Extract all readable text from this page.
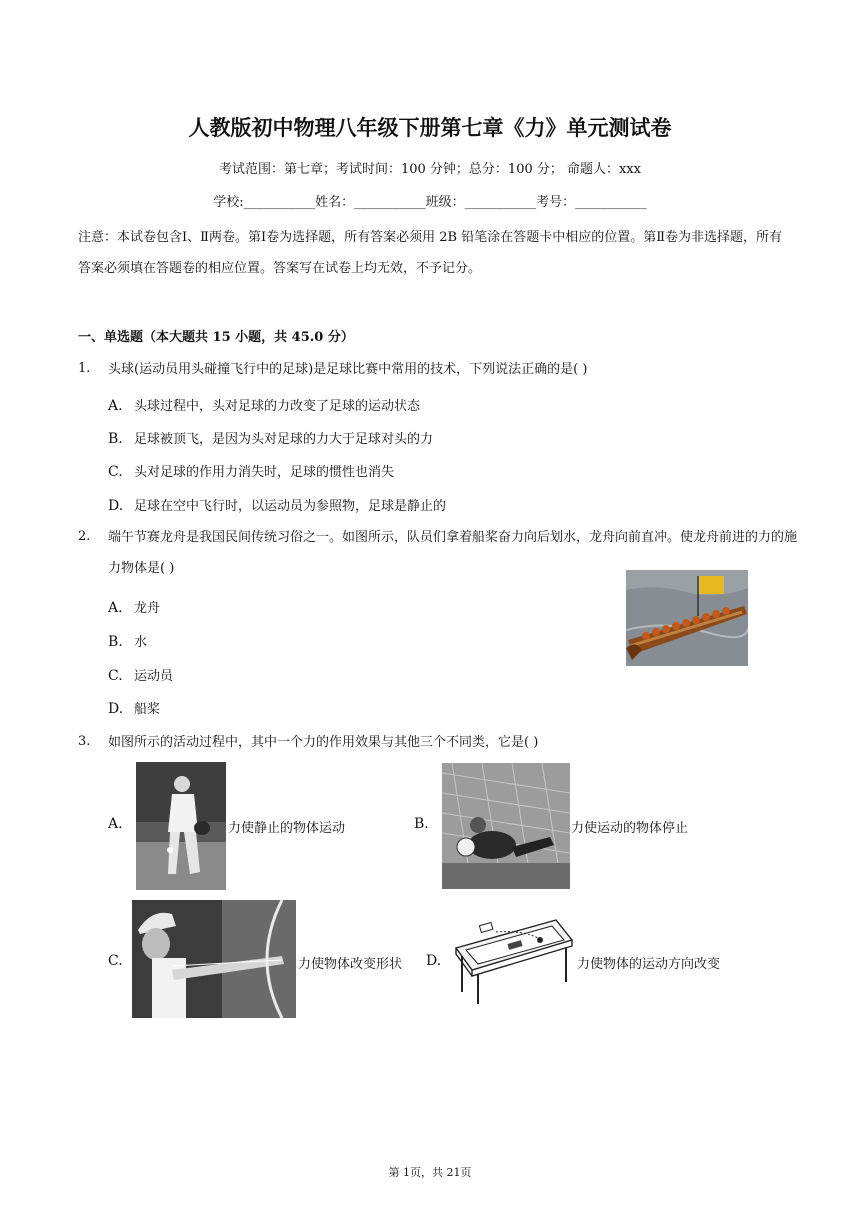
人教版初中物理八年级下册第七章《力》单元测试卷
考试范围：第七章；考试时间：100 分钟；总分：100 分； 命题人：xxx
学校:___________姓名：___________班级：___________考号：___________
注意：本试卷包含Ⅰ、Ⅱ两卷。第Ⅰ卷为选择题，所有答案必须用 2B 铅笔涂在答题卡中相应的位置。第Ⅱ卷为非选择题，所有答案必须填在答题卷的相应位置。答案写在试卷上均无效，不予记分。
一、单选题（本大题共 15 小题，共 45.0 分）
1. 头球(运动员用头碰撞飞行中的足球)是足球比赛中常用的技术，下列说法正确的是( )
A. 头球过程中，头对足球的力改变了足球的运动状态
B. 足球被顶飞，是因为头对足球的力大于足球对头的力
C. 头对足球的作用力消失时，足球的惯性也消失
D. 足球在空中飞行时，以运动员为参照物，足球是静止的
2. 端午节赛龙舟是我国民间传统习俗之一。如图所示，队员们拿着船桨奋力向后划水，龙舟向前直冲。使龙舟前进的力的施力物体是( )
A. 龙舟
B. 水
C. 运动员
D. 船桨
3. 如图所示的活动过程中，其中一个力的作用效果与其他三个不同类，它是( )
A.	力使静止的物体运动	B.	力使运动的物体停止
C.	力使物体改变形状 D.	力使物体的运动方向改变
第 1页，共 21页
